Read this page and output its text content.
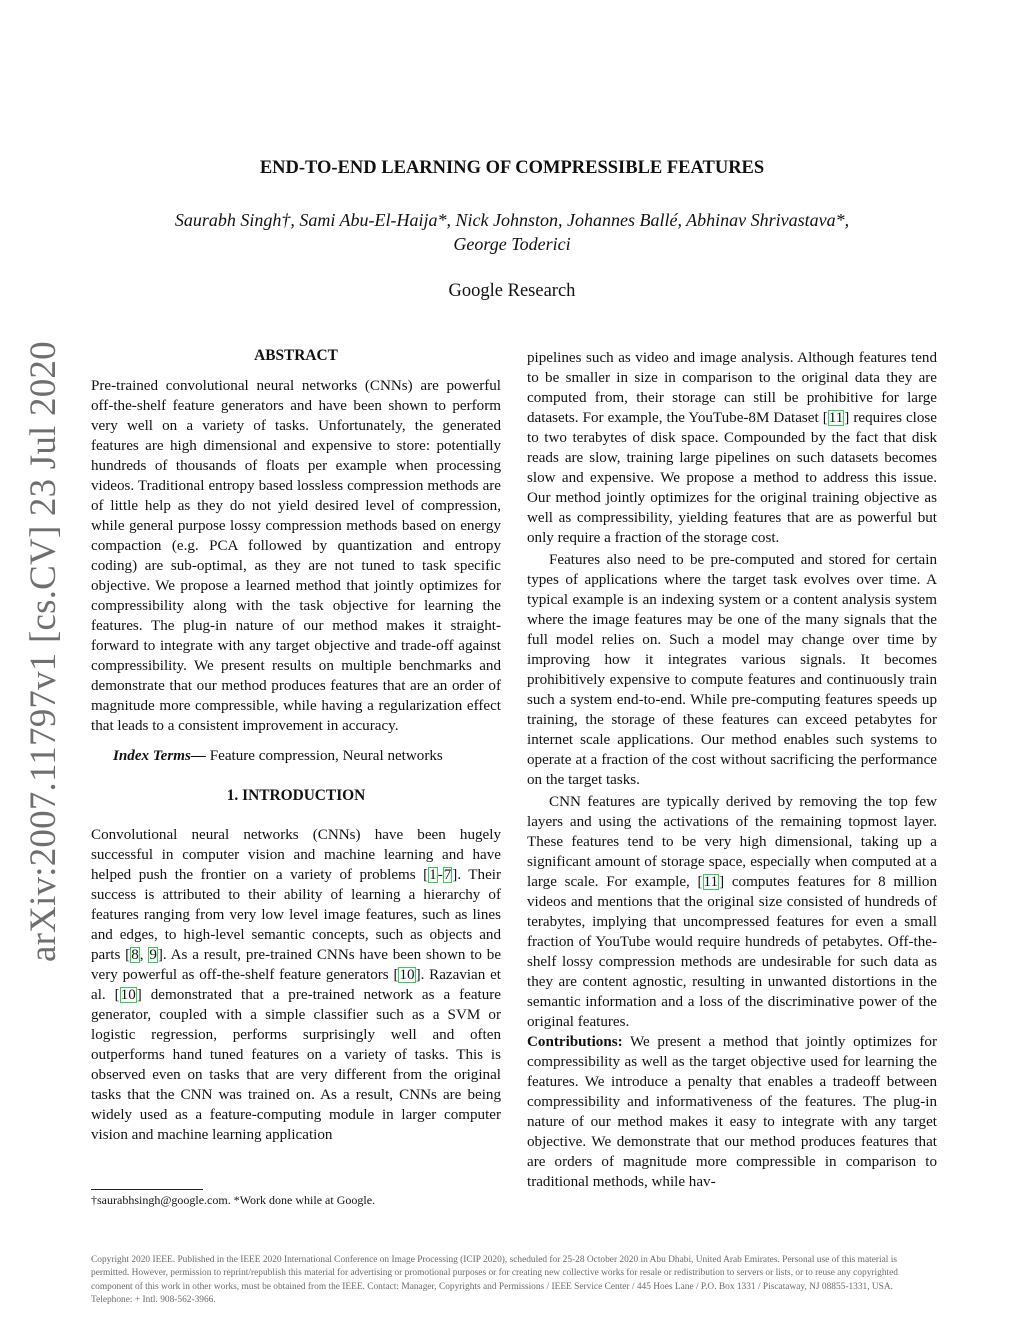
arXiv:2007.11797v1 [cs.CV] 23 Jul 2020
END-TO-END LEARNING OF COMPRESSIBLE FEATURES
Saurabh Singh†, Sami Abu-El-Haija*, Nick Johnston, Johannes Ballé, Abhinav Shrivastava*,
George Toderici
Google Research

ABSTRACT

Pre-trained convolutional neural networks (CNNs) are powerful off-the-shelf feature generators and have been shown to perform very well on a variety of tasks. Unfortunately, the generated features are high dimensional and expensive to store: potentially hundreds of thousands of floats per example when processing videos. Traditional entropy based lossless compression methods are of little help as they do not yield desired level of compression, while general purpose lossy compression methods based on energy compaction (e.g. PCA followed by quantization and entropy coding) are sub-optimal, as they are not tuned to task specific objective. We propose a learned method that jointly optimizes for compressibility along with the task objective for learning the features. The plug-in nature of our method makes it straight-forward to integrate with any target objective and trade-off against compressibility. We present results on multiple benchmarks and demonstrate that our method produces features that are an order of magnitude more compressible, while having a regularization effect that leads to a consistent improvement in accuracy.

Index Terms— Feature compression, Neural networks

1. INTRODUCTION

Convolutional neural networks (CNNs) have been hugely successful in computer vision and machine learning and have helped push the frontier on a variety of problems [1-7]. Their success is attributed to their ability of learning a hierarchy of features ranging from very low level image features, such as lines and edges, to high-level semantic concepts, such as objects and parts [8, 9]. As a result, pre-trained CNNs have been shown to be very powerful as off-the-shelf feature generators [10]. Razavian et al. [10] demonstrated that a pre-trained network as a feature generator, coupled with a simple classifier such as a SVM or logistic regression, performs surprisingly well and often outperforms hand tuned features on a variety of tasks. This is observed even on tasks that are very different from the original tasks that the CNN was trained on. As a result, CNNs are being widely used as a feature-computing module in larger computer vision and machine learning application

pipelines such as video and image analysis. Although features tend to be smaller in size in comparison to the original data they are computed from, their storage can still be prohibitive for large datasets. For example, the YouTube-8M Dataset [11] requires close to two terabytes of disk space. Compounded by the fact that disk reads are slow, training large pipelines on such datasets becomes slow and expensive. We propose a method to address this issue. Our method jointly optimizes for the original training objective as well as compressibility, yielding features that are as powerful but only require a fraction of the storage cost.

Features also need to be pre-computed and stored for certain types of applications where the target task evolves over time. A typical example is an indexing system or a content analysis system where the image features may be one of the many signals that the full model relies on. Such a model may change over time by improving how it integrates various signals. It becomes prohibitively expensive to compute features and continuously train such a system end-to-end. While pre-computing features speeds up training, the storage of these features can exceed petabytes for internet scale applications. Our method enables such systems to operate at a fraction of the cost without sacrificing the performance on the target tasks.

CNN features are typically derived by removing the top few layers and using the activations of the remaining topmost layer. These features tend to be very high dimensional, taking up a significant amount of storage space, especially when computed at a large scale. For example, [11] computes features for 8 million videos and mentions that the original size consisted of hundreds of terabytes, implying that uncompressed features for even a small fraction of YouTube would require hundreds of petabytes. Off-the-shelf lossy compression methods are undesirable for such data as they are content agnostic, resulting in unwanted distortions in the semantic information and a loss of the discriminative power of the original features.

Contributions: We present a method that jointly optimizes for compressibility as well as the target objective used for learning the features. We introduce a penalty that enables a tradeoff between compressibility and informativeness of the features. The plug-in nature of our method makes it easy to integrate with any target objective. We demonstrate that our method produces features that are orders of magnitude more compressible in comparison to traditional methods, while hav-

†saurabhsingh@google.com. *Work done while at Google.
Copyright 2020 IEEE. Published in the IEEE 2020 International Conference on Image Processing (ICIP 2020), scheduled for 25-28 October 2020 in Abu Dhabi, United Arab Emirates. Personal use of this material is permitted. However, permission to reprint/republish this material for advertising or promotional purposes or for creating new collective works for resale or redistribution to servers or lists, or to reuse any copyrighted component of this work in other works, must be obtained from the IEEE. Contact: Manager, Copyrights and Permissions / IEEE Service Center / 445 Hoes Lane / P.O. Box 1331 / Piscataway, NJ 08855-1331, USA. Telephone: + Intl. 908-562-3966.
